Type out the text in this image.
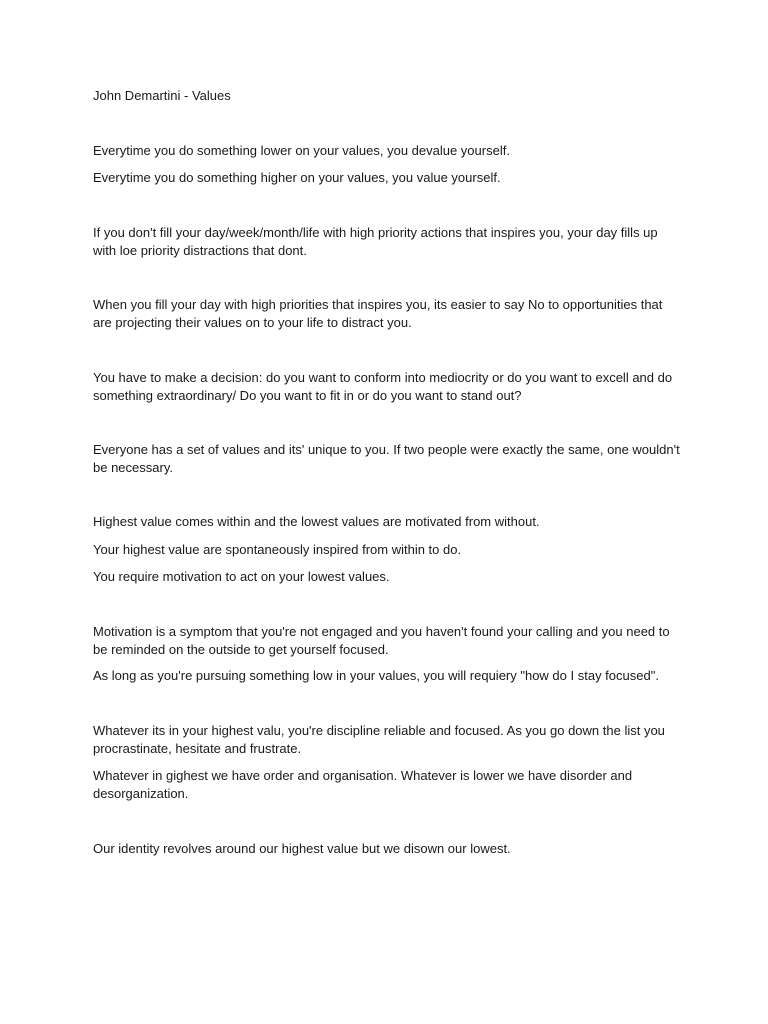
John Demartini - Values

Everytime you do something lower on your values, you devalue yourself.

Everytime you do something higher on your values, you value yourself.

If you don't fill your day/week/month/life with high priority actions that inspires you, your day fills up with loe priority distractions that dont.

When you fill your day with high priorities that inspires you, its easier to say No to opportunities that are projecting their values on to your life to distract you.

You have to make a decision: do you want to conform into mediocrity or do you want to excell and do something extraordinary/ Do you want to fit in or do you want to stand out?

Everyone has a set of values and its' unique to you. If two people were exactly the same, one wouldn't be necessary.

Highest value comes within and the lowest values are motivated from without.

Your highest value are spontaneously inspired from within to do.

You require motivation to act on your lowest values.

Motivation is a symptom that you're not engaged and you haven't found your calling and you need to be reminded on the outside to get yourself focused.

As long as you're pursuing something low in your values, you will requiery "how do I stay focused".

Whatever its in your highest valu, you're discipline reliable and focused. As you go down the list you procrastinate, hesitate and frustrate.

Whatever in gighest we have order and organisation. Whatever is lower we have disorder and desorganization.

Our identity revolves around our highest value but we disown our lowest.
